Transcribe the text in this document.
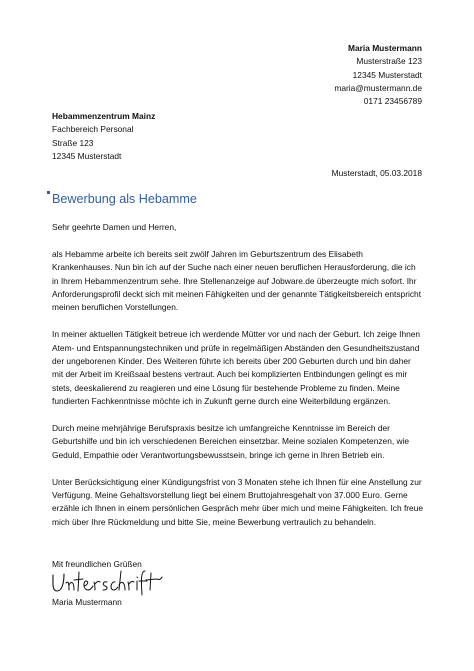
Maria Mustermann
Musterstraße 123
12345 Musterstadt
maria@mustermann.de
0171 23456789
Hebammenzentrum Mainz
Fachbereich Personal
Straße 123
12345 Musterstadt
Musterstadt, 05.03.2018
Bewerbung als Hebamme

Sehr geehrte Damen und Herren,

als Hebamme arbeite ich bereits seit zwölf Jahren im Geburtszentrum des Elisabeth Krankenhauses. Nun bin ich auf der Suche nach einer neuen beruflichen Herausforderung, die ich in Ihrem Hebammenzentrum sehe. Ihre Stellenanzeige auf Jobware.de überzeugte mich sofort. Ihr Anforderungsprofil deckt sich mit meinen Fähigkeiten und der genannte Tätigkeitsbereich entspricht meinen beruflichen Vorstellungen.

In meiner aktuellen Tätigkeit betreue ich werdende Mütter vor und nach der Geburt. Ich zeige Ihnen Atem- und Entspannungstechniken und prüfe in regelmäßigen Abständen den Gesundheitszustand der ungeborenen Kinder. Des Weiteren führte ich bereits über 200 Geburten durch und bin daher mit der Arbeit im Kreißsaal bestens vertraut. Auch bei komplizierten Entbindungen gelingt es mir stets, deeskalierend zu reagieren und eine Lösung für bestehende Probleme zu finden. Meine fundierten Fachkenntnisse möchte ich in Zukunft gerne durch eine Weiterbildung ergänzen.

Durch meine mehrjährige Berufspraxis besitze ich umfangreiche Kenntnisse im Bereich der Geburtshilfe und bin ich verschiedenen Bereichen einsetzbar. Meine sozialen Kompetenzen, wie Geduld, Empathie oder Verantwortungsbewusstsein, bringe ich gerne in Ihren Betrieb ein.

Unter Berücksichtigung einer Kündigungsfrist von 3 Monaten stehe ich Ihnen für eine Anstellung zur Verfügung. Meine Gehaltsvorstellung liegt bei einem Bruttojahresgehalt von 37.000 Euro. Gerne erzähle ich Ihnen in einem persönlichen Gespräch mehr über mich und meine Fähigkeiten. Ich freue mich über Ihre Rückmeldung und bitte Sie, meine Bewerbung vertraulich zu behandeln.

Mit freundlichen Grüßen
Maria Mustermann
